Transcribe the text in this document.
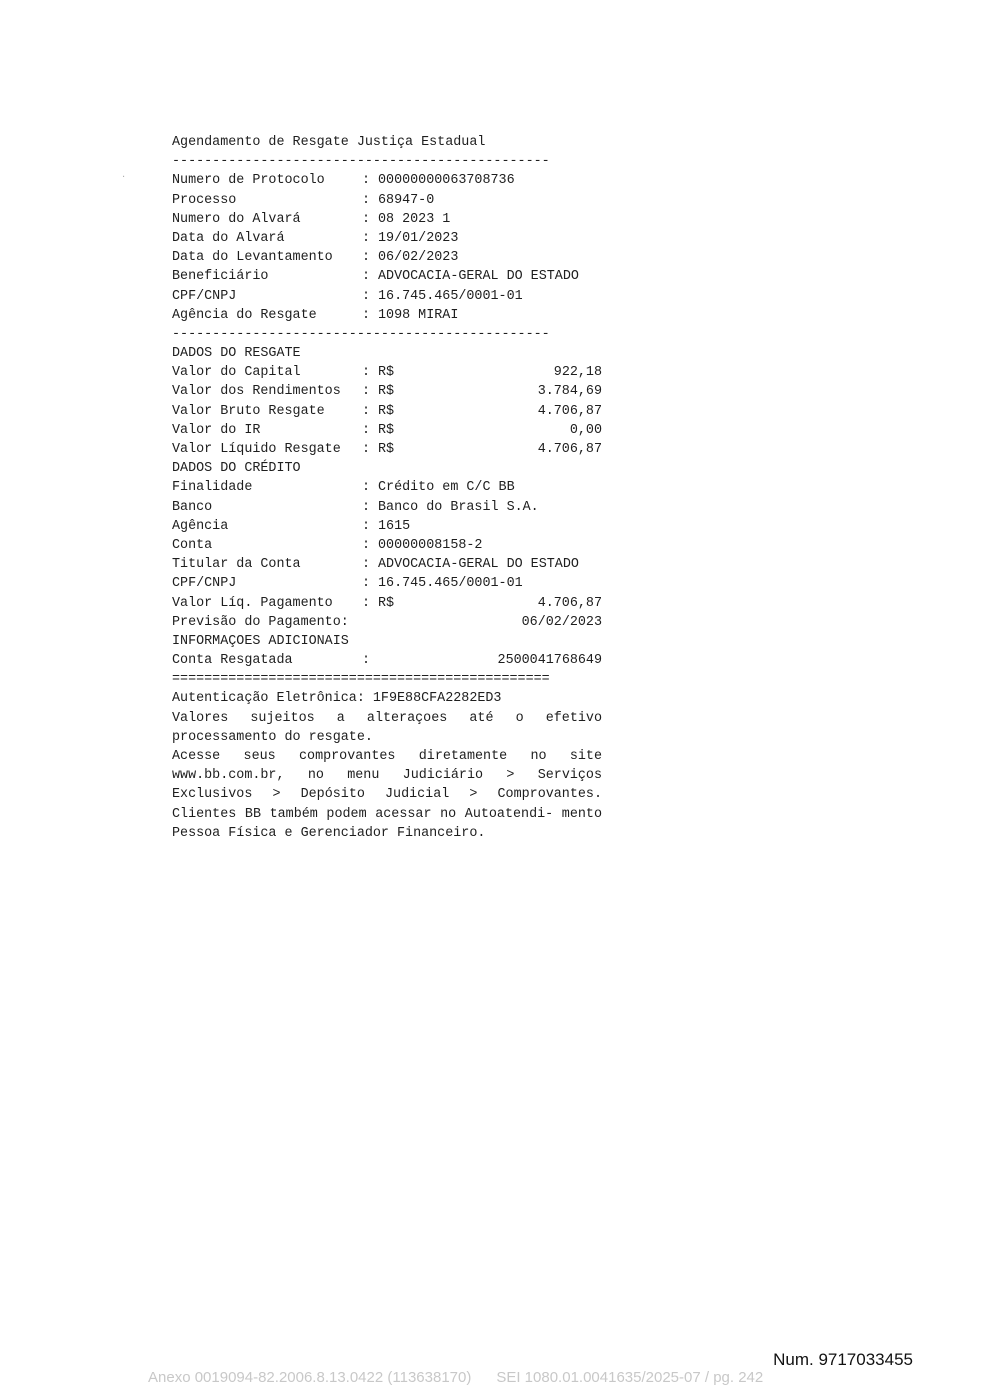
·
Agendamento de Resgate Justiça Estadual
-----------------------------------------------
Numero de Protocolo	: 00000000063708736
Processo	: 68947-0
Numero do Alvará	: 08 2023 1
Data do Alvará	: 19/01/2023
Data do Levantamento : 06/02/2023
Beneficiário	: ADVOCACIA-GERAL DO ESTADO
CPF/CNPJ	: 16.745.465/0001-01
Agência do Resgate	: 1098 MIRAI
-----------------------------------------------
DADOS DO RESGATE
Valor do Capital	: R$	922,18
Valor dos Rendimentos : R$	3.784,69
Valor Bruto Resgate	: R$	4.706,87
Valor do IR	: R$	0,00
Valor Líquido Resgate : R$	4.706,87
DADOS DO CRÉDITO
Finalidade	: Crédito em C/C BB
Banco	: Banco do Brasil S.A.
Agência	: 1615
Conta	: 00000008158-2
Titular da Conta	: ADVOCACIA-GERAL DO ESTADO
CPF/CNPJ	: 16.745.465/0001-01
Valor Líq. Pagamento : R$	4.706,87
Previsão do Pagamento:	06/02/2023
INFORMAÇOES ADICIONAIS
Conta Resgatada	:	2500041768649
===============================================
Autenticação Eletrônica: 1F9E88CFA2282ED3

Valores sujeitos a alteraçoes até o efetivo processamento do resgate.

Acesse seus comprovantes diretamente no site www.bb.com.br, no menu Judiciário > Serviços Exclusivos > Depósito Judicial > Comprovantes. Clientes BB também podem acessar no Autoatendi- mento Pessoa Física e Gerenciador Financeiro.

Num. 9717033455
Anexo 0019094-82.2006.8.13.0422 (113638170)      SEI 1080.01.0041635/2025-07 / pg. 242
